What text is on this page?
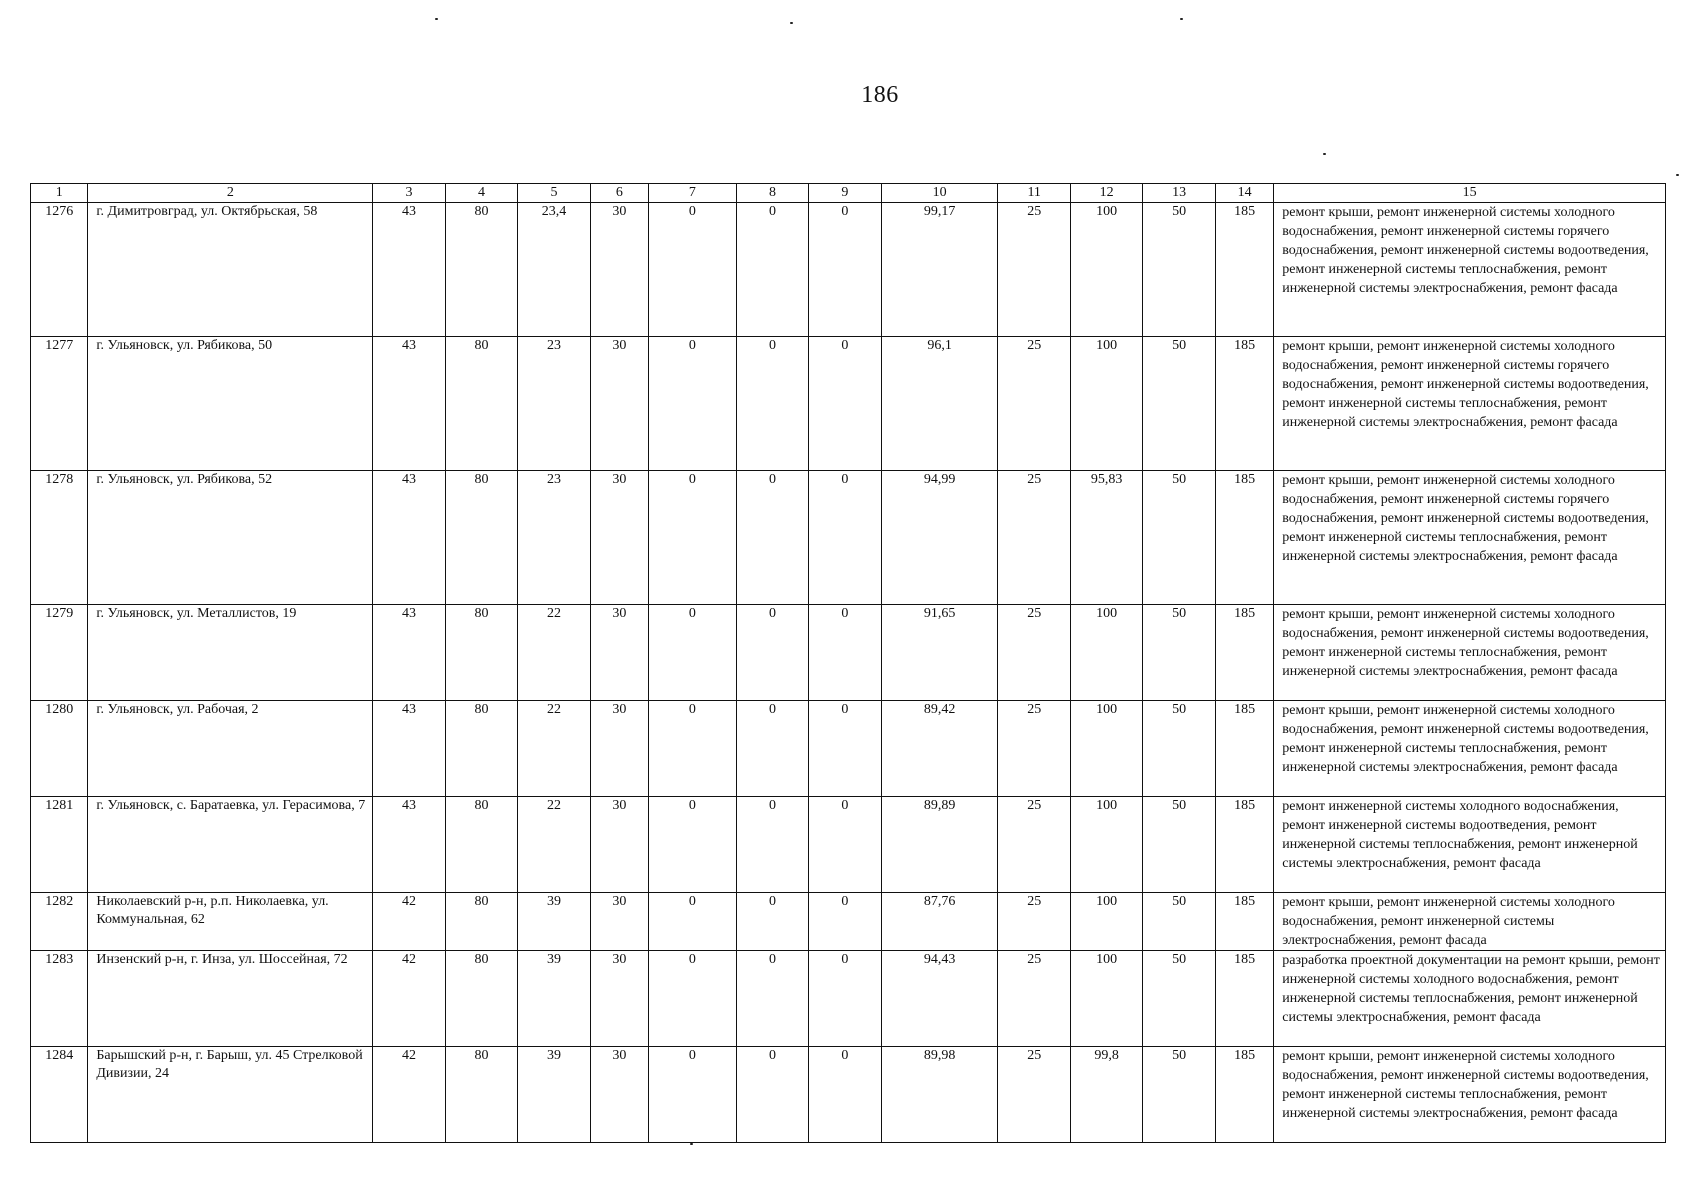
186
1	2	3	4	5	6	7	8	9	10	11	12	13	14	15
1276	г. Димитровград, ул. Октябрьская, 58	43	80	23,4	30	0	0	0	99,17	25	100	50	185	ремонт крыши, ремонт инженерной системы холодного водоснабжения, ремонт инженерной системы горячего водоснабжения, ремонт инженерной системы водоотведения, ремонт инженерной системы теплоснабжения, ремонт инженерной системы электроснабжения, ремонт фасада
1277	г. Ульяновск, ул. Рябикова, 50	43	80	23	30	0	0	0	96,1	25	100	50	185	ремонт крыши, ремонт инженерной системы холодного водоснабжения, ремонт инженерной системы горячего водоснабжения, ремонт инженерной системы водоотведения, ремонт инженерной системы теплоснабжения, ремонт инженерной системы электроснабжения, ремонт фасада
1278	г. Ульяновск, ул. Рябикова, 52	43	80	23	30	0	0	0	94,99	25	95,83	50	185	ремонт крыши, ремонт инженерной системы холодного водоснабжения, ремонт инженерной системы горячего водоснабжения, ремонт инженерной системы водоотведения, ремонт инженерной системы теплоснабжения, ремонт инженерной системы электроснабжения, ремонт фасада
1279	г. Ульяновск, ул. Металлистов, 19	43	80	22	30	0	0	0	91,65	25	100	50	185	ремонт крыши, ремонт инженерной системы холодного водоснабжения, ремонт инженерной системы водоотведения, ремонт инженерной системы теплоснабжения, ремонт инженерной системы электроснабжения, ремонт фасада
1280	г. Ульяновск, ул. Рабочая, 2	43	80	22	30	0	0	0	89,42	25	100	50	185	ремонт крыши, ремонт инженерной системы холодного водоснабжения, ремонт инженерной системы водоотведения, ремонт инженерной системы теплоснабжения, ремонт инженерной системы электроснабжения, ремонт фасада
1281	г. Ульяновск, с. Баратаевка, ул. Герасимова, 7	43	80	22	30	0	0	0	89,89	25	100	50	185	ремонт инженерной системы холодного водоснабжения, ремонт инженерной системы водоотведения, ремонт инженерной системы теплоснабжения, ремонт инженерной системы электроснабжения, ремонт фасада
1282	Николаевский р-н, р.п. Николаевка, ул. Коммунальная, 62	42	80	39	30	0	0	0	87,76	25	100	50	185	ремонт крыши, ремонт инженерной системы холодного водоснабжения, ремонт инженерной системы электроснабжения, ремонт фасада
1283	Инзенский р-н, г. Инза, ул. Шоссейная, 72	42	80	39	30	0	0	0	94,43	25	100	50	185	разработка проектной документации на ремонт крыши, ремонт инженерной системы холодного водоснабжения, ремонт инженерной системы теплоснабжения, ремонт инженерной системы электроснабжения, ремонт фасада
1284	Барышский р-н, г. Барыш, ул. 45 Стрелковой Дивизии, 24	42	80	39	30	0	0	0	89,98	25	99,8	50	185	ремонт крыши, ремонт инженерной системы холодного водоснабжения, ремонт инженерной системы водоотведения, ремонт инженерной системы теплоснабжения, ремонт инженерной системы электроснабжения, ремонт фасада
